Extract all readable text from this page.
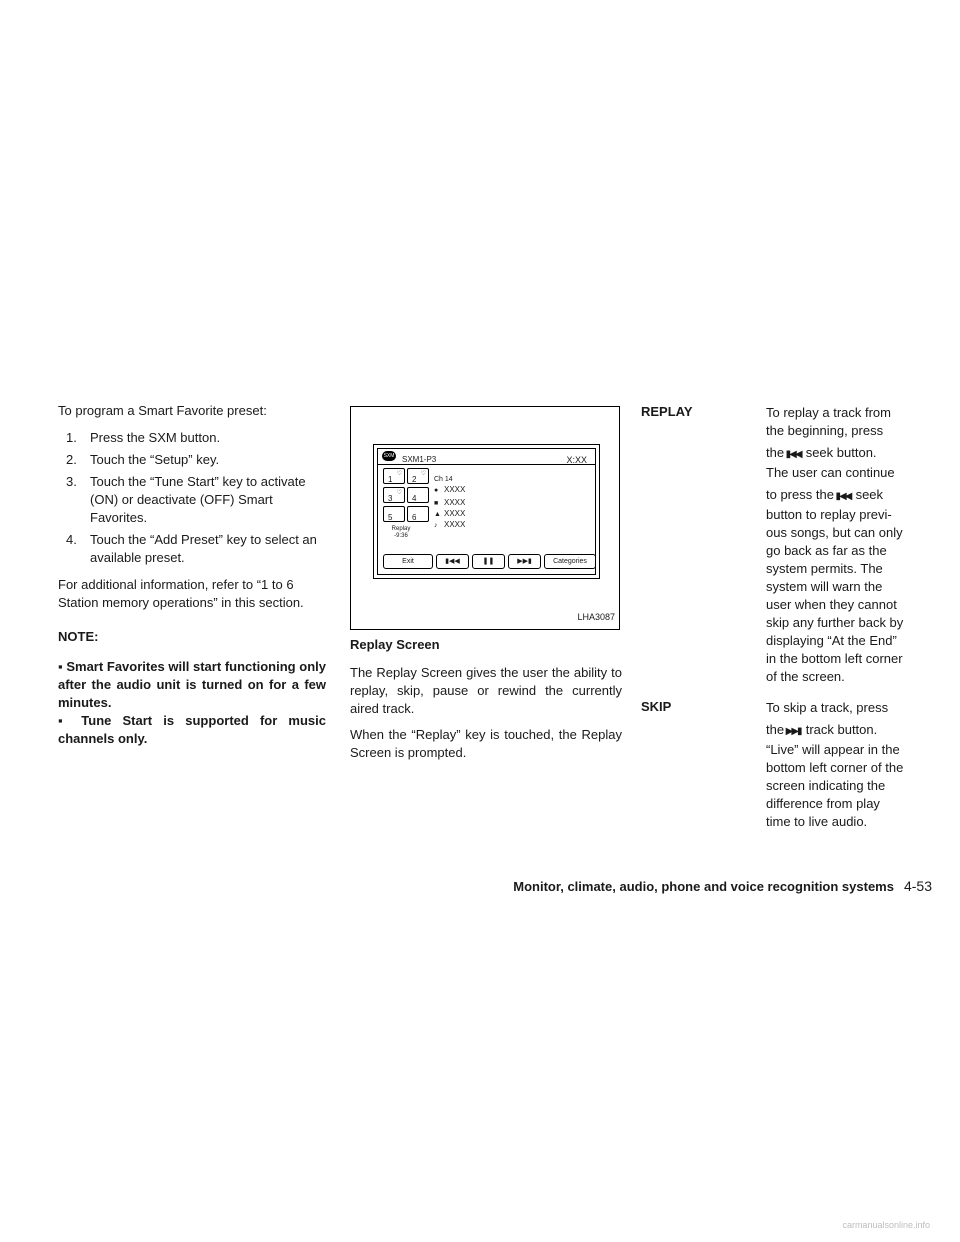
To program a Smart Favorite preset:

1. Press the SXM button.
2. Touch the “Setup” key.
3. Touch the “Tune Start” key to activate (ON) or deactivate (OFF) Smart Favorites.
4. Touch the “Add Preset” key to select an available preset.

For additional information, refer to “1 to 6 Station memory operations” in this section.

NOTE:
▪ Smart Favorites will start functioning only after the audio unit is turned on for a few minutes.
▪ Tune Start is supported for music channels only.
SXM SXM1-P3	X:XX
1
♡
2
♡
3
♡
4
5 6
Replay
-9:36
Ch 14
● XXXX
■ XXXX
▲ XXXX
♪ XXXX
Exit	▮◀◀	❚❚	▶▶▮	Categories
LHA3087
Replay Screen

The Replay Screen gives the user the ability to replay, skip, pause or rewind the currently aired track.

When the “Replay” key is touched, the Replay Screen is prompted.

REPLAY	To replay a track from
the beginning, press
the ▮◀◀ seek button.
The user can continue
to press the ▮◀◀ seek
button to replay previ-
ous songs, but can only
go back as far as the
system permits. The
system will warn the
user when they cannot
skip any further back by
displaying “At the End”
in the bottom left corner
of the screen.
SKIP	To skip a track, press
the ▶▶▮ track button.
“Live” will appear in the
bottom left corner of the
screen indicating the
difference from play
time to live audio.
Monitor, climate, audio, phone and voice recognition systems 4-53
carmanualsonline.info
